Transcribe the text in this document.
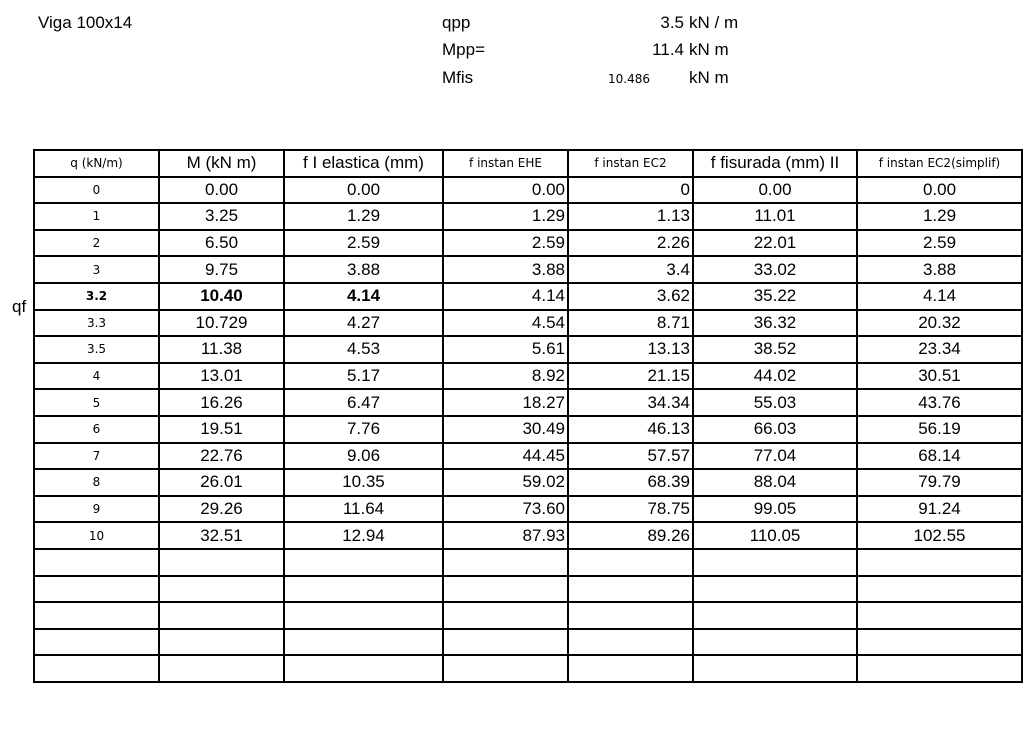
Viga 100x14	qpp	3.5 kN / m
Mpp=	11.4 kN m
Mfis	10.486 kN m
qf
q (kN/m)	M (kN m)	f I elastica (mm)	f instan EHE	f instan EC2	f fisurada (mm) II	f instan EC2(simplif)
0	0.00	0.00	0.00	0	0.00	0.00
1	3.25	1.29	1.29	1.13	11.01	1.29
2	6.50	2.59	2.59	2.26	22.01	2.59
3	9.75	3.88	3.88	3.4	33.02	3.88
3.2	10.40	4.14	4.14	3.62	35.22	4.14
3.3	10.729	4.27	4.54	8.71	36.32	20.32
3.5	11.38	4.53	5.61	13.13	38.52	23.34
4	13.01	5.17	8.92	21.15	44.02	30.51
5	16.26	6.47	18.27	34.34	55.03	43.76
6	19.51	7.76	30.49	46.13	66.03	56.19
7	22.76	9.06	44.45	57.57	77.04	68.14
8	26.01	10.35	59.02	68.39	88.04	79.79
9	29.26	11.64	73.60	78.75	99.05	91.24
10	32.51	12.94	87.93	89.26	110.05	102.55
